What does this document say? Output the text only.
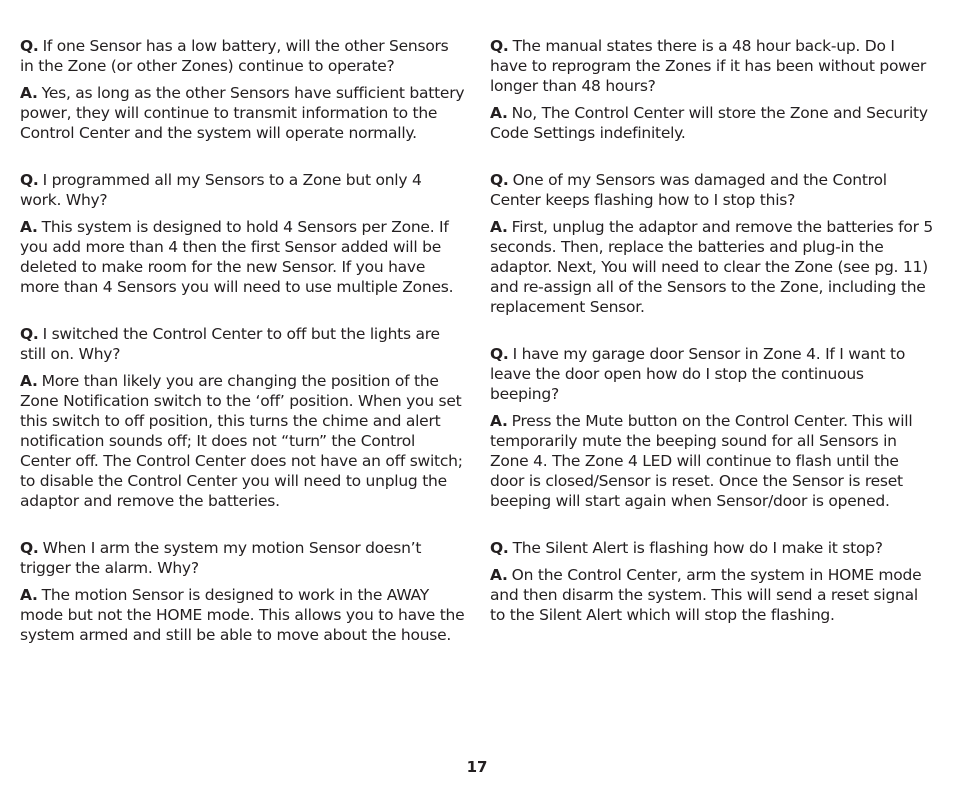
Q. If one Sensor has a low battery, will the other Sensors in the Zone (or other Zones) continue to operate?

A. Yes, as long as the other Sensors have sufficient battery power, they will continue to transmit information to the Control Center and the system will operate normally.

Q. I programmed all my Sensors to a Zone but only 4 work. Why?

A. This system is designed to hold 4 Sensors per Zone. If you add more than 4 then the first Sensor added will be deleted to make room for the new Sensor. If you have more than 4 Sensors you will need to use multiple Zones.

Q. I switched the Control Center to off but the lights are still on. Why?

A. More than likely you are changing the position of the Zone Notification switch to the ‘off’ position. When you set this switch to off position, this turns the chime and alert notification sounds off; It does not “turn” the Control Center off. The Control Center does not have an off switch; to disable the Control Center you will need to unplug the adaptor and remove the batteries.

Q. When I arm the system my motion Sensor doesn’t trigger the alarm. Why?

A. The motion Sensor is designed to work in the AWAY mode but not the HOME mode. This allows you to have the system armed and still be able to move about the house.

Q. The manual states there is a 48 hour back-up. Do I have to reprogram the Zones if it has been without power longer than 48 hours?

A. No, The Control Center will store the Zone and Security Code Settings indefinitely.

Q. One of my Sensors was damaged and the Control Center keeps flashing how to I stop this?

A. First, unplug the adaptor and remove the batteries for 5 seconds. Then, replace the batteries and plug-in the adaptor. Next, You will need to clear the Zone (see pg. 11) and re-assign all of the Sensors to the Zone, including the replacement Sensor.

Q. I have my garage door Sensor in Zone 4. If I want to leave the door open how do I stop the continuous beeping?

A. Press the Mute button on the Control Center. This will temporarily mute the beeping sound for all Sensors in Zone 4. The Zone 4 LED will continue to flash until the door is closed/Sensor is reset. Once the Sensor is reset beeping will start again when Sensor/door is opened.

Q. The Silent Alert is flashing how do I make it stop?

A. On the Control Center, arm the system in HOME mode and then disarm the system. This will send a reset signal to the Silent Alert which will stop the flashing.

17
